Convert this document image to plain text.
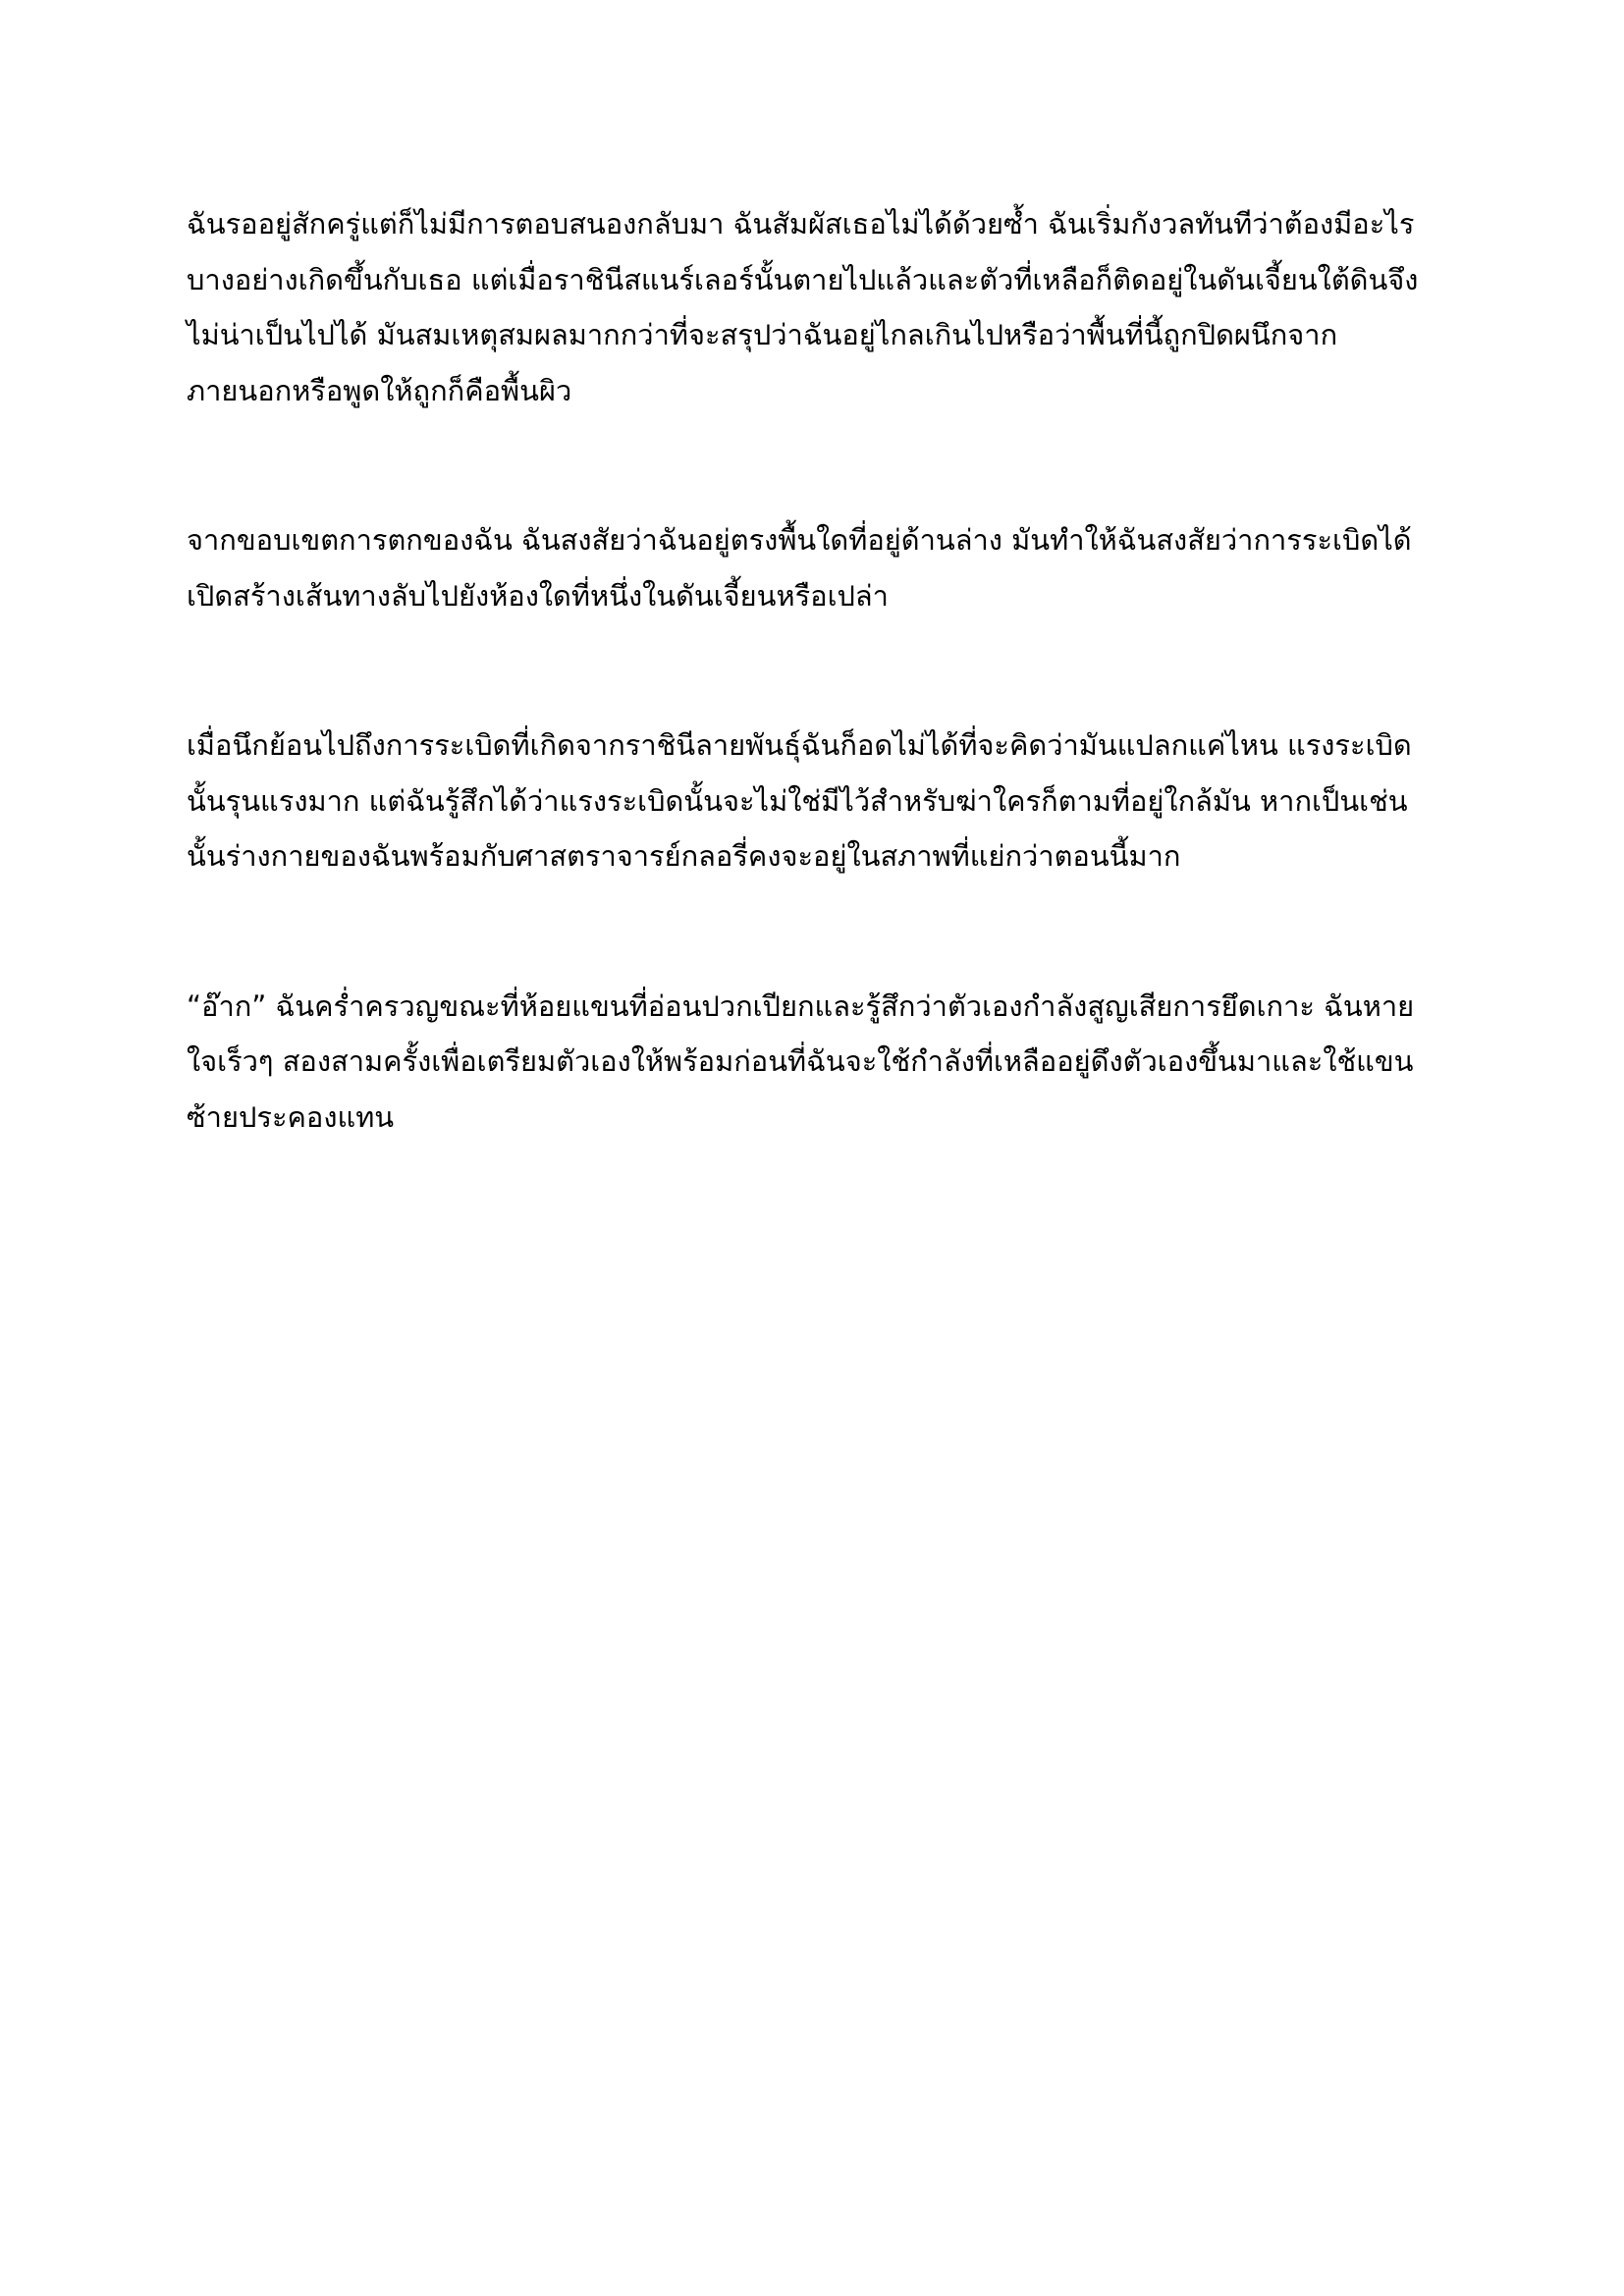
ฉันรออยู่สักครู่แต่ก็ไม่มีการตอบสนองกลับมา ฉันสัมผัสเธอไม่ได้ด้วยซ้ำ ฉันเริ่มกังวลทันทีว่าต้องมีอะไรบางอย่างเกิดขึ้นกับเธอ แต่เมื่อราชินีสแนร์เลอร์นั้นตายไปแล้วและตัวที่เหลือก็ติดอยู่ในดันเจี้ยนใต้ดินจึงไม่น่าเป็นไปได้ มันสมเหตุสมผลมากกว่าที่จะสรุปว่าฉันอยู่ไกลเกินไปหรือว่าพื้นที่นี้ถูกปิดผนึกจากภายนอกหรือพูดให้ถูกก็คือพื้นผิว

จากขอบเขตการตกของฉัน ฉันสงสัยว่าฉันอยู่ตรงพื้นใดที่อยู่ด้านล่าง มันทำให้ฉันสงสัยว่าการระเบิดได้เปิดสร้างเส้นทางลับไปยังห้องใดที่หนึ่งในดันเจี้ยนหรือเปล่า

เมื่อนึกย้อนไปถึงการระเบิดที่เกิดจากราชินีลายพันธุ์ฉันก็อดไม่ได้ที่จะคิดว่ามันแปลกแค่ไหน แรงระเบิดนั้นรุนแรงมาก แต่ฉันรู้สึกได้ว่าแรงระเบิดนั้นจะไม่ใช่มีไว้สำหรับฆ่าใครก็ตามที่อยู่ใกล้มัน หากเป็นเช่นนั้นร่างกายของฉันพร้อมกับศาสตราจารย์กลอรี่คงจะอยู่ในสภาพที่แย่กว่าตอนนี้มาก

“อ๊าก” ฉันคร่ำครวญขณะที่ห้อยแขนที่อ่อนปวกเปียกและรู้สึกว่าตัวเองกำลังสูญเสียการยึดเกาะ ฉันหายใจเร็วๆ สองสามครั้งเพื่อเตรียมตัวเองให้พร้อมก่อนที่ฉันจะใช้กำลังที่เหลืออยู่ดึงตัวเองขึ้นมาและใช้แขนซ้ายประคองแทน
